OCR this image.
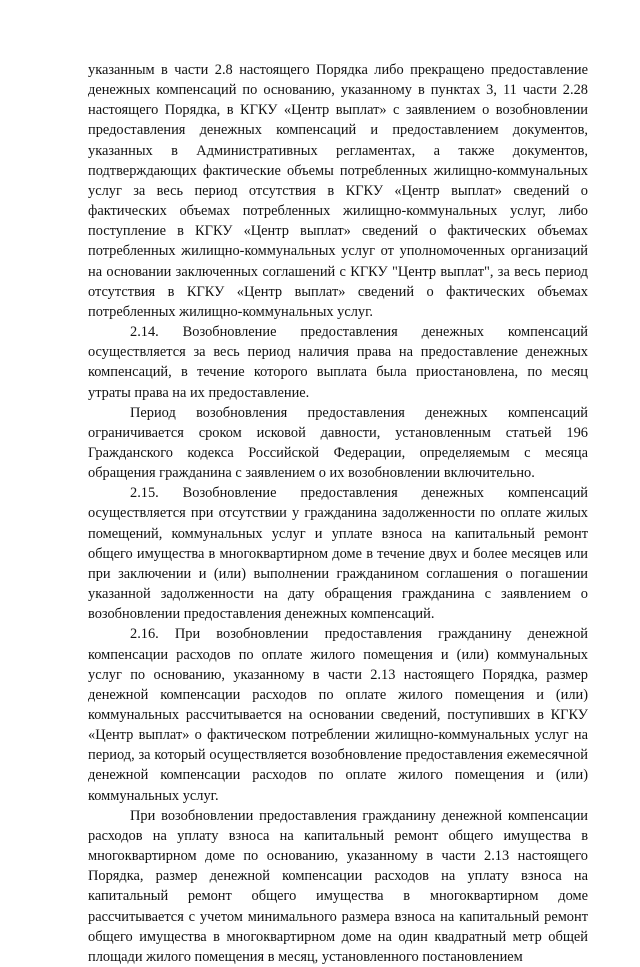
указанным в части 2.8 настоящего Порядка либо прекращено предоставление денежных компенсаций по основанию, указанному в пунктах 3, 11 части 2.28 настоящего Порядка, в КГКУ «Центр выплат» с заявлением о возобновлении предоставления денежных компенсаций и предоставлением документов, указанных в Административных регламентах, а также документов, подтверждающих фактические объемы потребленных жилищно-коммунальных услуг за весь период отсутствия в КГКУ «Центр выплат» сведений о фактических объемах потребленных жилищно-коммунальных услуг, либо поступление в КГКУ «Центр выплат» сведений о фактических объемах потребленных жилищно-коммунальных услуг от уполномоченных организаций на основании заключенных соглашений с КГКУ "Центр выплат", за весь период отсутствия в КГКУ «Центр выплат» сведений о фактических объемах потребленных жилищно-коммунальных услуг.

2.14. Возобновление предоставления денежных компенсаций осуществляется за весь период наличия права на предоставление денежных компенсаций, в течение которого выплата была приостановлена, по месяц утраты права на их предоставление.

Период возобновления предоставления денежных компенсаций ограничивается сроком исковой давности, установленным статьей 196 Гражданского кодекса Российской Федерации, определяемым с месяца обращения гражданина с заявлением о их возобновлении включительно.

2.15. Возобновление предоставления денежных компенсаций осуществляется при отсутствии у гражданина задолженности по оплате жилых помещений, коммунальных услуг и уплате взноса на капитальный ремонт общего имущества в многоквартирном доме в течение двух и более месяцев или при заключении и (или) выполнении гражданином соглашения о погашении указанной задолженности на дату обращения гражданина с заявлением о возобновлении предоставления денежных компенсаций.

2.16. При возобновлении предоставления гражданину денежной компенсации расходов по оплате жилого помещения и (или) коммунальных услуг по основанию, указанному в части 2.13 настоящего Порядка, размер денежной компенсации расходов по оплате жилого помещения и (или) коммунальных рассчитывается на основании сведений, поступивших в КГКУ «Центр выплат» о фактическом потреблении жилищно-коммунальных услуг на период, за который осуществляется возобновление предоставления ежемесячной денежной компенсации расходов по оплате жилого помещения и (или) коммунальных услуг.

При возобновлении предоставления гражданину денежной компенсации расходов на уплату взноса на капитальный ремонт общего имущества в многоквартирном доме по основанию, указанному в части 2.13 настоящего Порядка, размер денежной компенсации расходов на уплату взноса на капитальный ремонт общего имущества в многоквартирном доме рассчитывается с учетом минимального размера взноса на капитальный ремонт общего имущества в многоквартирном доме на один квадратный метр общей площади жилого помещения в месяц, установленного постановлением
